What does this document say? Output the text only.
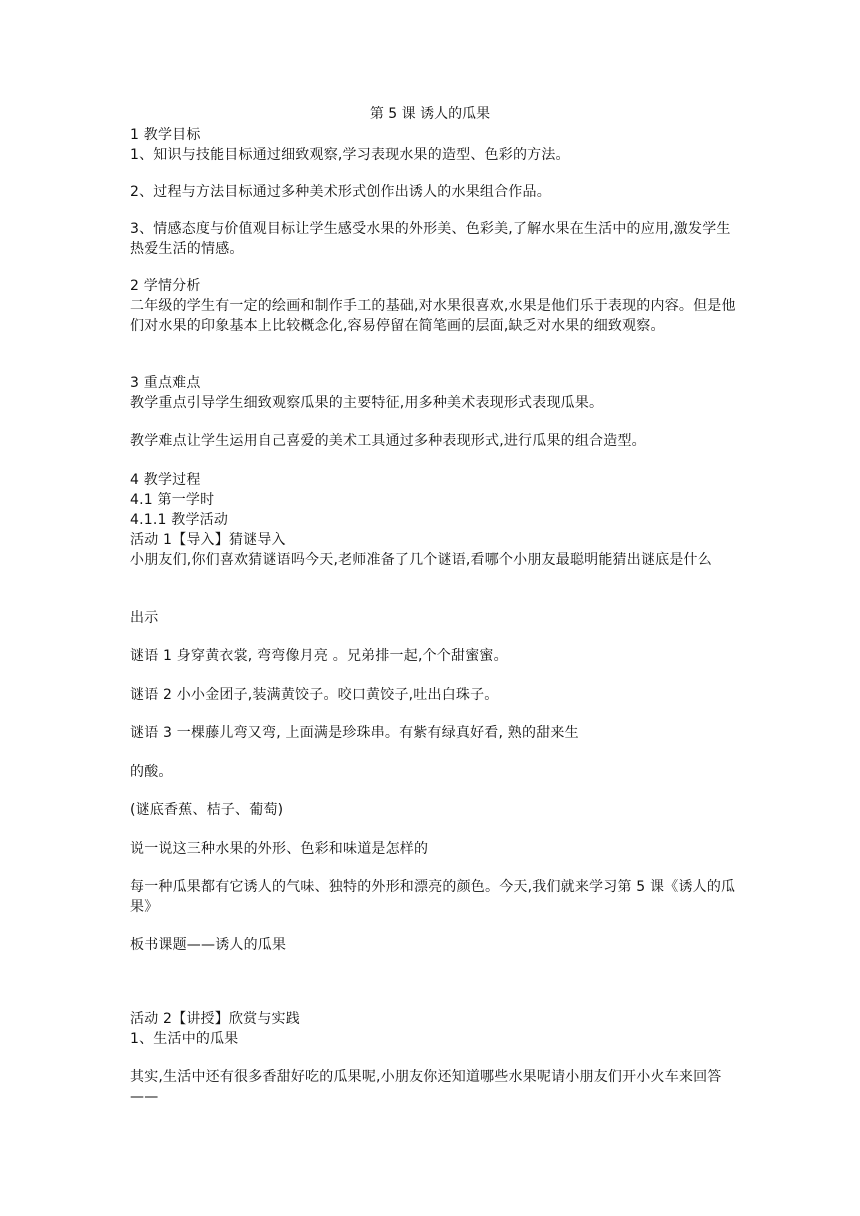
第 5 课 诱人的瓜果
1 教学目标
1、知识与技能目标通过细致观察,学习表现水果的造型、色彩的方法。
2、过程与方法目标通过多种美术形式创作出诱人的水果组合作品。
3、情感态度与价值观目标让学生感受水果的外形美、色彩美,了解水果在生活中的应用,激发学生热爱生活的情感。
2 学情分析
二年级的学生有一定的绘画和制作手工的基础,对水果很喜欢,水果是他们乐于表现的内容。但是他们对水果的印象基本上比较概念化,容易停留在简笔画的层面,缺乏对水果的细致观察。
3 重点难点
教学重点引导学生细致观察瓜果的主要特征,用多种美术表现形式表现瓜果。
教学难点让学生运用自己喜爱的美术工具通过多种表现形式,进行瓜果的组合造型。
4 教学过程
4.1 第一学时
4.1.1 教学活动
活动 1【导入】猜谜导入
小朋友们,你们喜欢猜谜语吗今天,老师准备了几个谜语,看哪个小朋友最聪明能猜出谜底是什么
出示
谜语 1 身穿黄衣裳, 弯弯像月亮 。兄弟排一起,个个甜蜜蜜。
谜语 2 小小金团子,装满黄饺子。咬口黄饺子,吐出白珠子。
谜语 3 一棵藤儿弯又弯, 上面满是珍珠串。有紫有绿真好看, 熟的甜来生
的酸。
(谜底香蕉、桔子、葡萄)
说一说这三种水果的外形、色彩和味道是怎样的
每一种瓜果都有它诱人的气味、独特的外形和漂亮的颜色。今天,我们就来学习第 5 课《诱人的瓜果》
板书课题——诱人的瓜果
活动 2【讲授】欣赏与实践
1、生活中的瓜果
其实,生活中还有很多香甜好吃的瓜果呢,小朋友你还知道哪些水果呢请小朋友们开小火车来回答——
